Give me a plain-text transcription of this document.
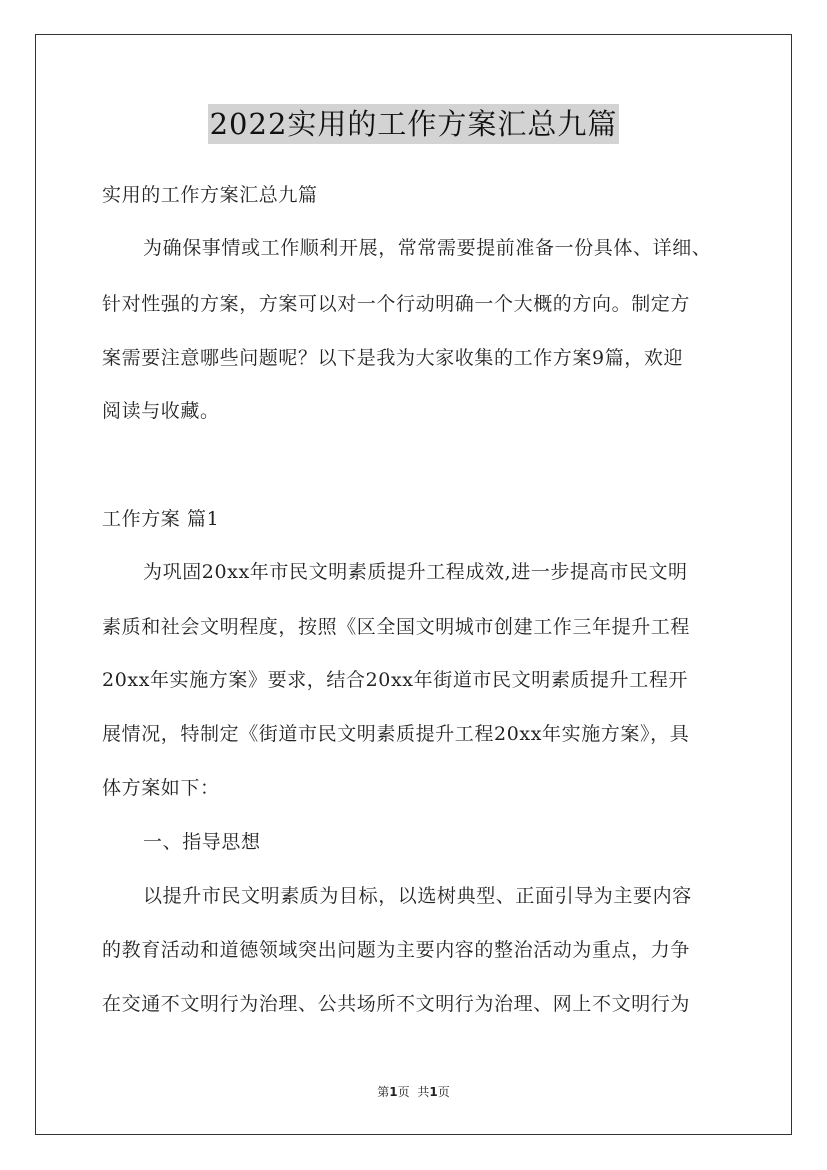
2022实用的工作方案汇总九篇
实用的工作方案汇总九篇
为确保事情或工作顺利开展，常常需要提前准备一份具体、详细、
针对性强的方案，方案可以对一个行动明确一个大概的方向。制定方
案需要注意哪些问题呢？以下是我为大家收集的工作方案9篇，欢迎
阅读与收藏。
工作方案 篇1
为巩固20xx年市民文明素质提升工程成效,进一步提高市民文明
素质和社会文明程度，按照《区全国文明城市创建工作三年提升工程
20xx年实施方案》要求，结合20xx年街道市民文明素质提升工程开
展情况，特制定《街道市民文明素质提升工程20xx年实施方案》，具
体方案如下：
一、指导思想
以提升市民文明素质为目标，以选树典型、正面引导为主要内容
的教育活动和道德领域突出问题为主要内容的整治活动为重点，力争
在交通不文明行为治理、公共场所不文明行为治理、网上不文明行为
第1页 共1页
